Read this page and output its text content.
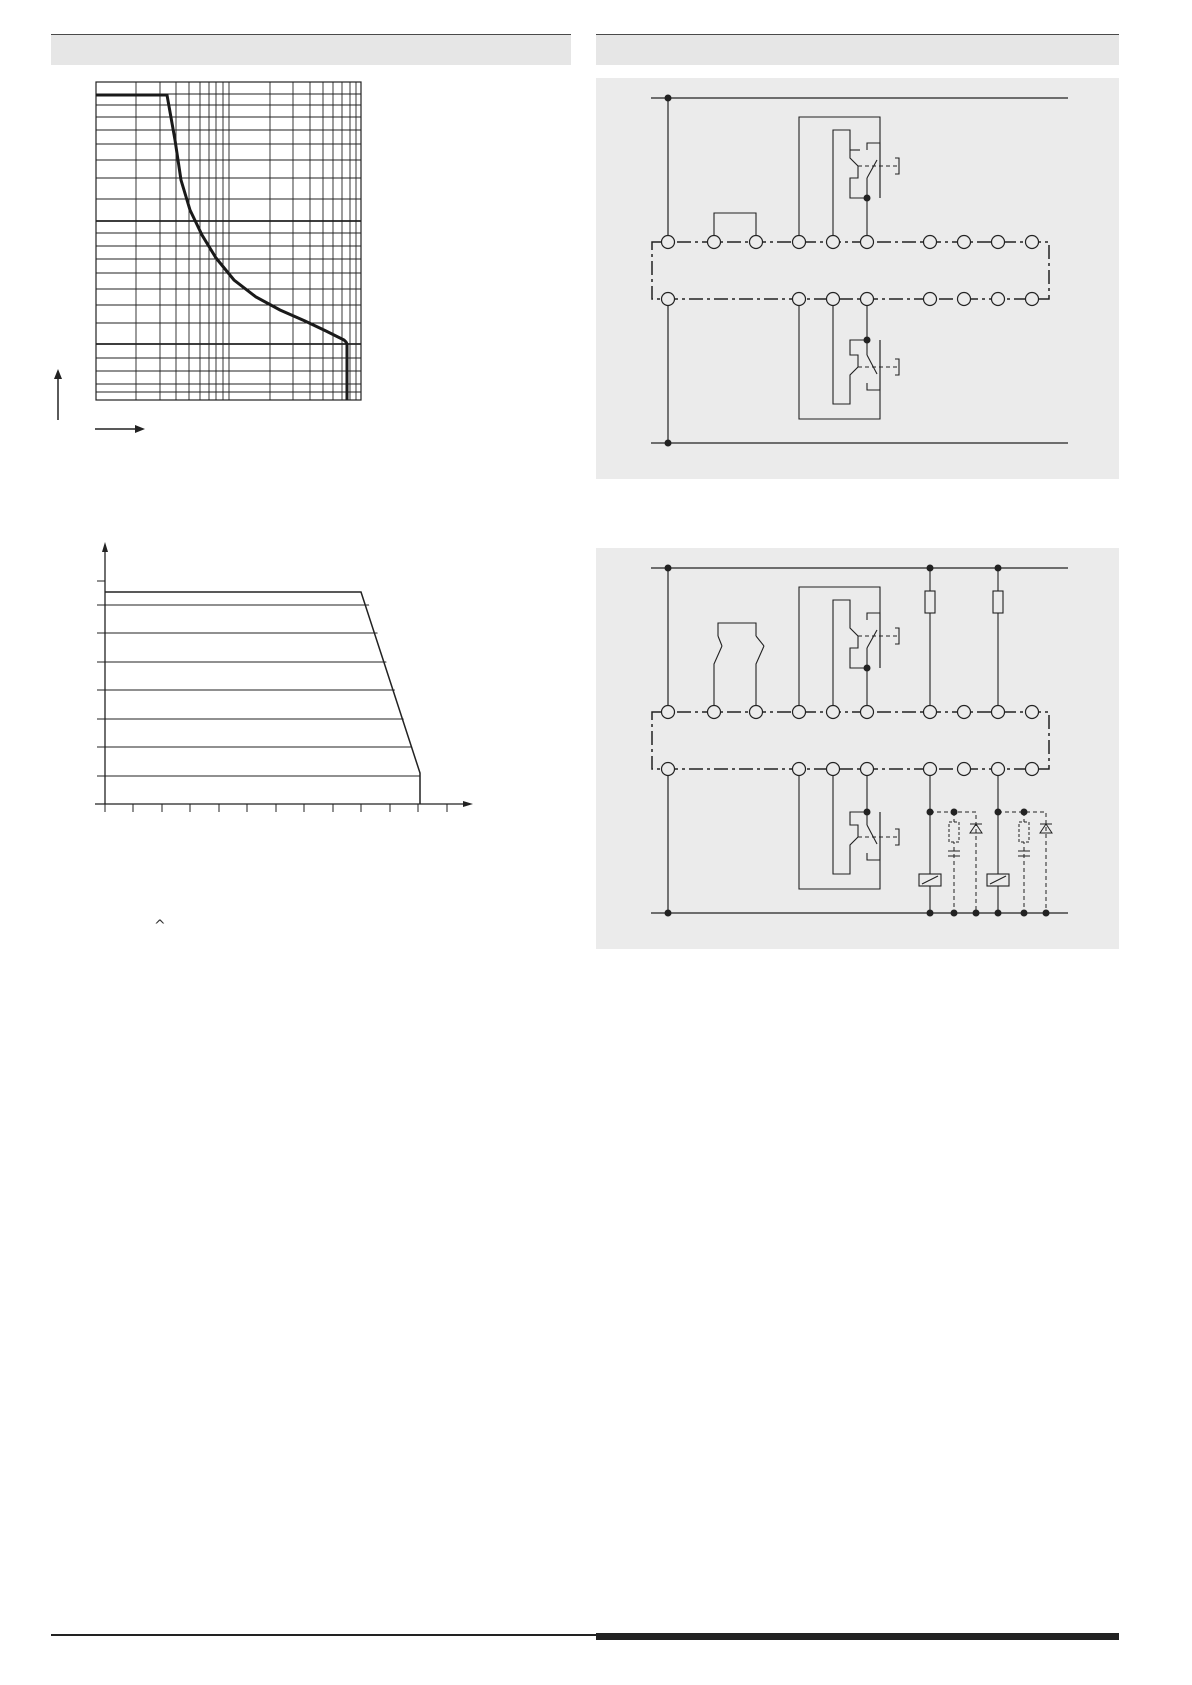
^
